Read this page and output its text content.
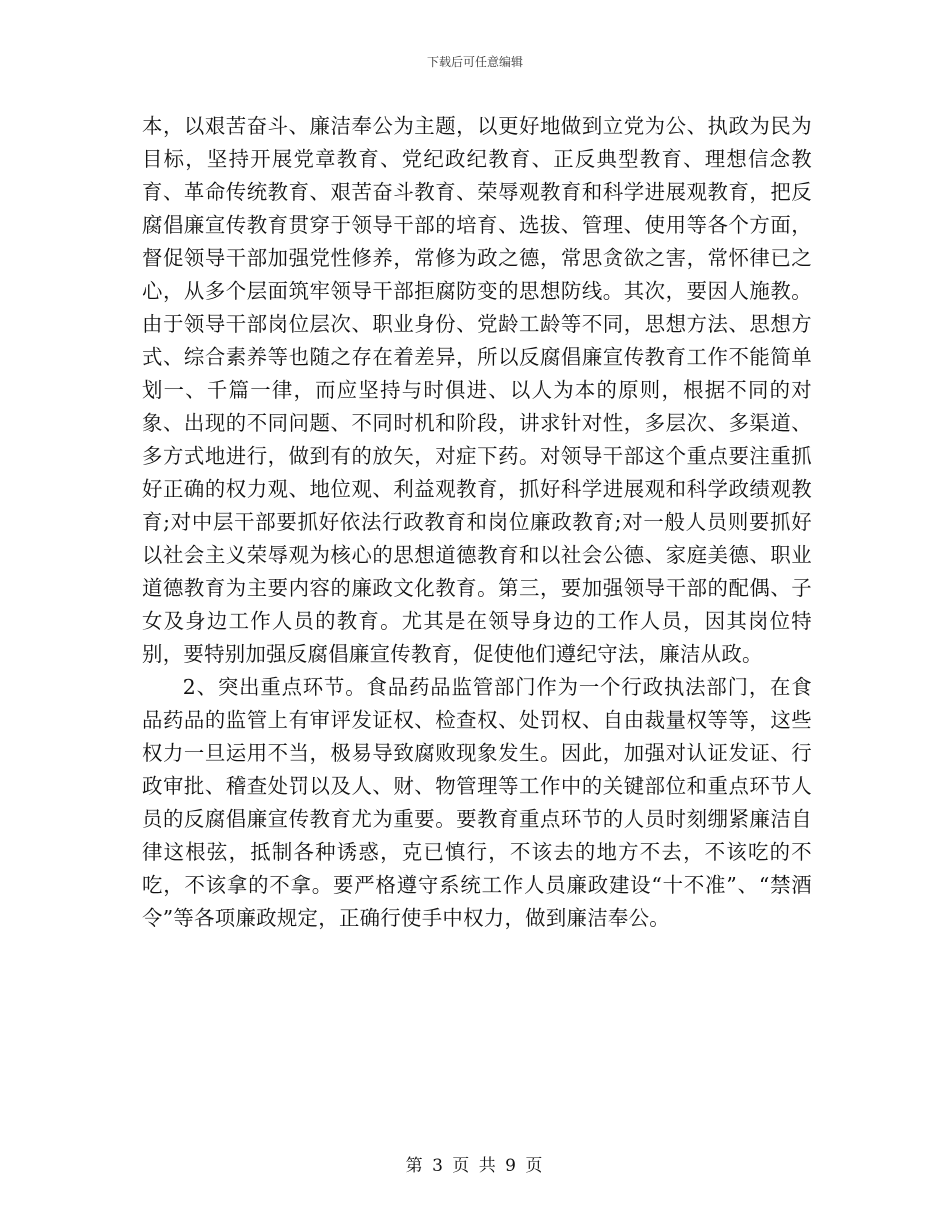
下载后可任意编辑

本，以艰苦奋斗、廉洁奉公为主题，以更好地做到立党为公、执政为民为目标，坚持开展党章教育、党纪政纪教育、正反典型教育、理想信念教育、革命传统教育、艰苦奋斗教育、荣辱观教育和科学进展观教育，把反腐倡廉宣传教育贯穿于领导干部的培育、选拔、管理、使用等各个方面，督促领导干部加强党性修养，常修为政之德，常思贪欲之害，常怀律已之心，从多个层面筑牢领导干部拒腐防变的思想防线。其次，要因人施教。由于领导干部岗位层次、职业身份、党龄工龄等不同，思想方法、思想方式、综合素养等也随之存在着差异，所以反腐倡廉宣传教育工作不能简单划一、千篇一律，而应坚持与时俱进、以人为本的原则，根据不同的对象、出现的不同问题、不同时机和阶段，讲求针对性，多层次、多渠道、多方式地进行，做到有的放矢，对症下药。对领导干部这个重点要注重抓好正确的权力观、地位观、利益观教育，抓好科学进展观和科学政绩观教育;对中层干部要抓好依法行政教育和岗位廉政教育;对一般人员则要抓好以社会主义荣辱观为核心的思想道德教育和以社会公德、家庭美德、职业道德教育为主要内容的廉政文化教育。第三，要加强领导干部的配偶、子女及身边工作人员的教育。尤其是在领导身边的工作人员，因其岗位特别，要特别加强反腐倡廉宣传教育，促使他们遵纪守法，廉洁从政。

2、突出重点环节。食品药品监管部门作为一个行政执法部门，在食品药品的监管上有审评发证权、检查权、处罚权、自由裁量权等等，这些权力一旦运用不当，极易导致腐败现象发生。因此，加强对认证发证、行政审批、稽查处罚以及人、财、物管理等工作中的关键部位和重点环节人员的反腐倡廉宣传教育尤为重要。要教育重点环节的人员时刻绷紧廉洁自律这根弦，抵制各种诱惑，克已慎行，不该去的地方不去，不该吃的不吃，不该拿的不拿。要严格遵守系统工作人员廉政建设“十不准”、“禁酒令”等各项廉政规定，正确行使手中权力，做到廉洁奉公。

第 3 页 共 9 页
